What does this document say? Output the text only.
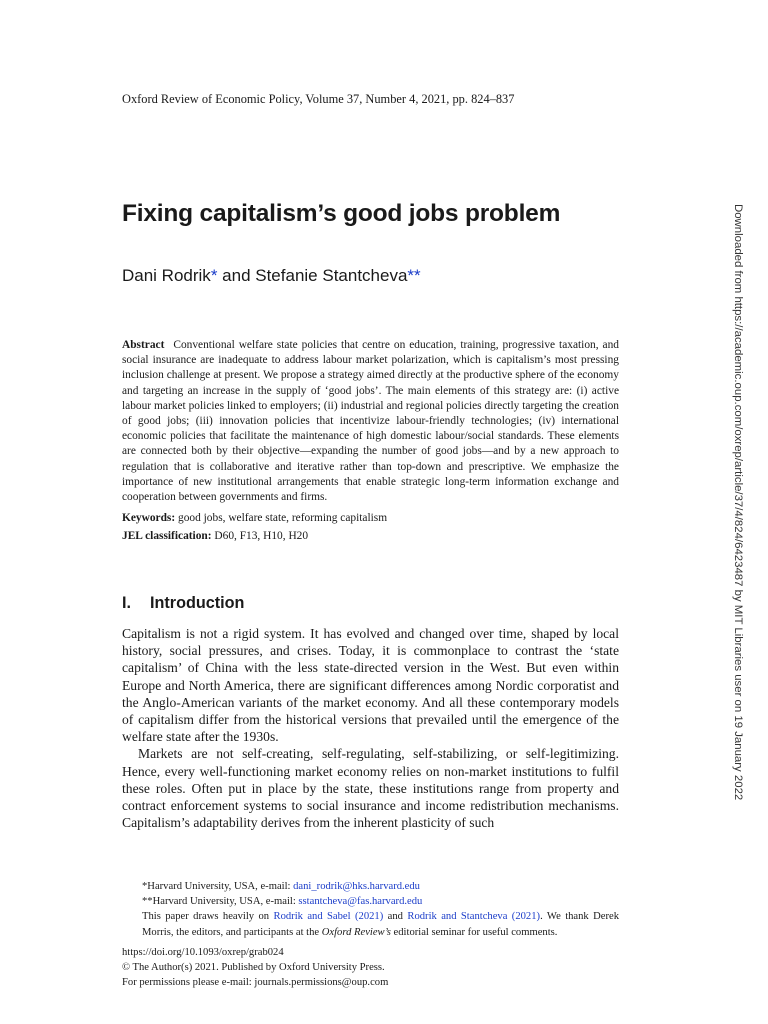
Oxford Review of Economic Policy, Volume 37, Number 4, 2021, pp. 824–837
Fixing capitalism’s good jobs problem
Dani Rodrik* and Stefanie Stantcheva**

Abstract Conventional welfare state policies that centre on education, training, progressive taxation, and social insurance are inadequate to address labour market polarization, which is capitalism’s most pressing inclusion challenge at present. We propose a strategy aimed directly at the productive sphere of the economy and targeting an increase in the supply of ‘good jobs’. The main elements of this strategy are: (i) active labour market policies linked to employers; (ii) industrial and regional policies directly targeting the creation of good jobs; (iii) innovation policies that incentivize labour-friendly technologies; (iv) international economic policies that facilitate the maintenance of high domestic labour/social standards. These elements are connected both by their objective—expanding the number of good jobs—and by a new approach to regulation that is collaborative and iterative rather than top-down and prescriptive. We emphasize the importance of new institutional arrangements that enable strategic long-term information exchange and cooperation between governments and firms.

Keywords: good jobs, welfare state, reforming capitalism
JEL classification: D60, F13, H10, H20
I. Introduction

Capitalism is not a rigid system. It has evolved and changed over time, shaped by local history, social pressures, and crises. Today, it is commonplace to contrast the ‘state capitalism’ of China with the less state-directed version in the West. But even within Europe and North America, there are significant differences among Nordic corporatist and the Anglo-American variants of the market economy. And all these contemporary models of capitalism differ from the historical versions that prevailed until the emergence of the welfare state after the 1930s.

Markets are not self-creating, self-regulating, self-stabilizing, or self-legitimizing. Hence, every well-functioning market economy relies on non-market institutions to fulfil these roles. Often put in place by the state, these institutions range from property and contract enforcement systems to social insurance and income redistribution mechanisms. Capitalism’s adaptability derives from the inherent plasticity of such

*Harvard University, USA, e-mail: dani_rodrik@hks.harvard.edu

**Harvard University, USA, e-mail: sstantcheva@fas.harvard.edu

This paper draws heavily on Rodrik and Sabel (2021) and Rodrik and Stantcheva (2021). We thank Derek Morris, the editors, and participants at the Oxford Review’s editorial seminar for useful comments.

https://doi.org/10.1093/oxrep/grab024
© The Author(s) 2021. Published by Oxford University Press.
For permissions please e-mail: journals.permissions@oup.com
Downloaded from https://academic.oup.com/oxrep/article/37/4/824/6423487 by MIT Libraries user on 19 January 2022
